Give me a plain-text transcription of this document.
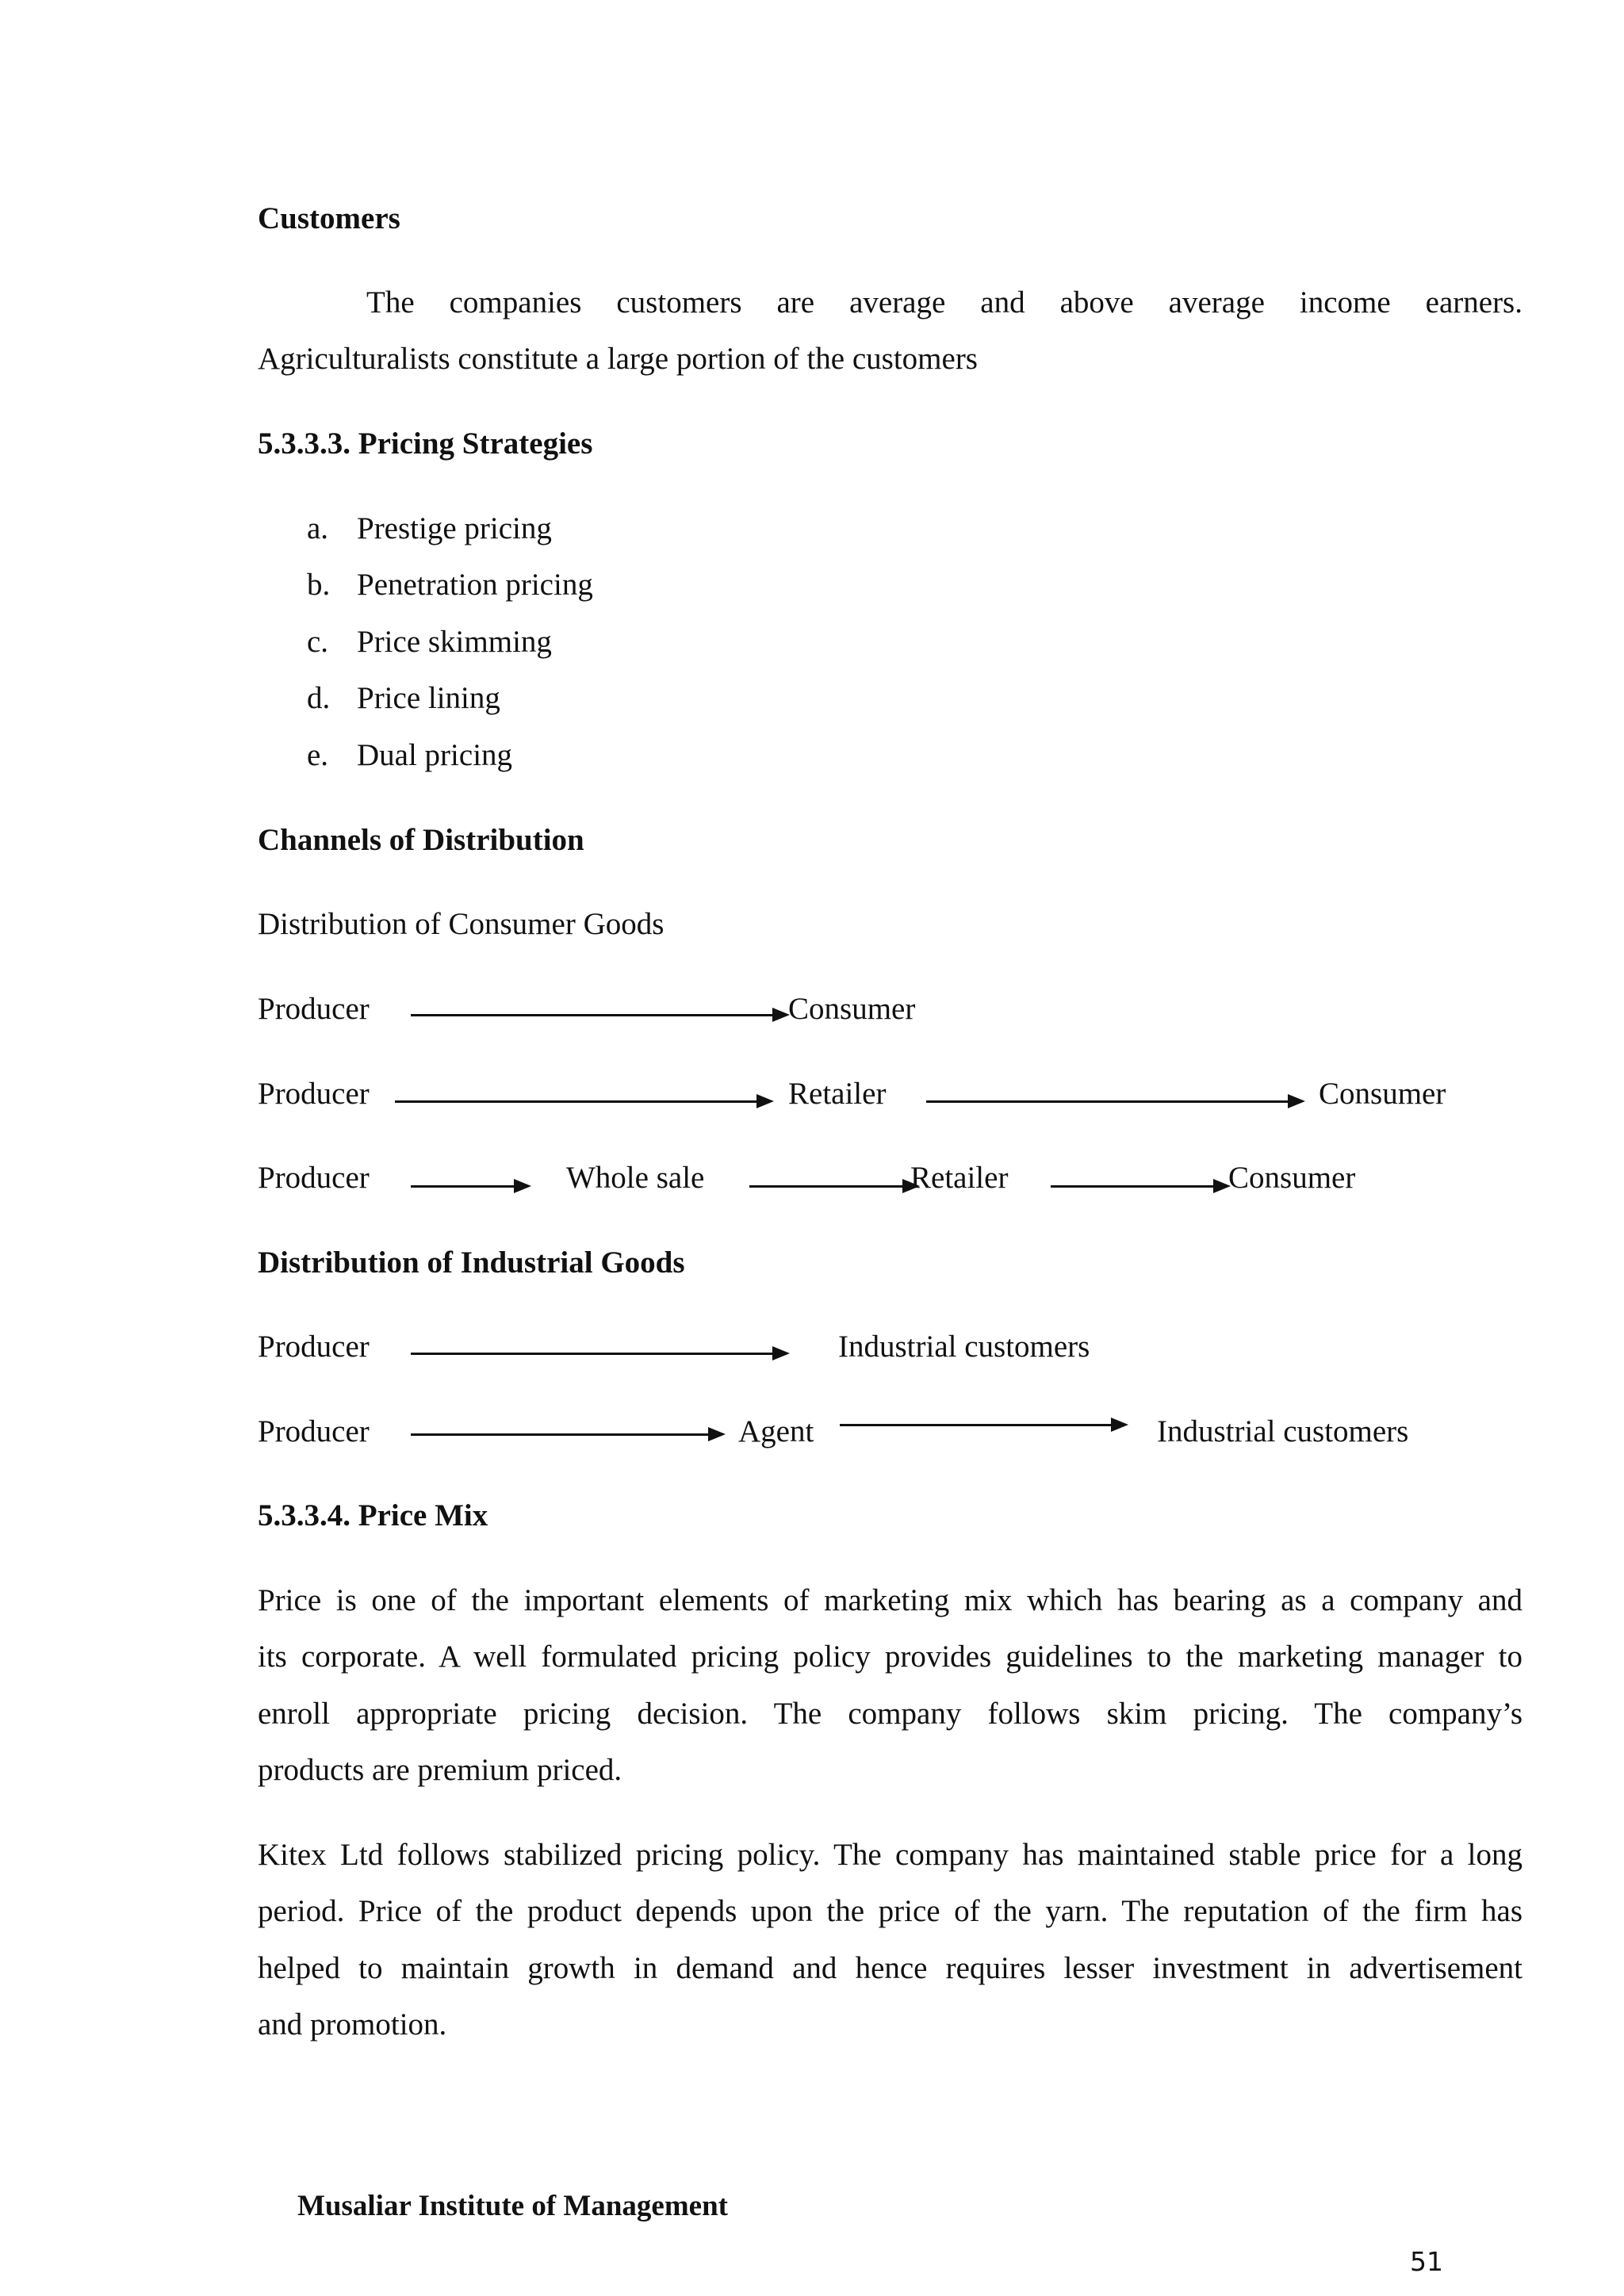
Customers
The companies customers are average and above average income earners.
Agriculturalists constitute a large portion of the customers
5.3.3.3. Pricing Strategies
a. Prestige pricing
b. Penetration pricing
c. Price skimming
d. Price lining
e. Dual pricing
Channels of Distribution
Distribution of Consumer Goods
Producer	Consumer
Producer	Retailer	Consumer
Producer	Whole sale	Retailer	Consumer
Distribution of Industrial Goods
Producer	Industrial customers
Producer	Agent	Industrial customers
5.3.3.4. Price Mix
Price is one of the important elements of marketing mix which has bearing as a company and
its corporate. A well formulated pricing policy provides guidelines to the marketing manager to
enroll appropriate pricing decision. The company follows skim pricing. The company’s
products are premium priced.
Kitex Ltd follows stabilized pricing policy. The company has maintained stable price for a long
period. Price of the product depends upon the price of the yarn. The reputation of the firm has
helped to maintain growth in demand and hence requires lesser investment in advertisement
and promotion.
Musaliar Institute of Management
51
